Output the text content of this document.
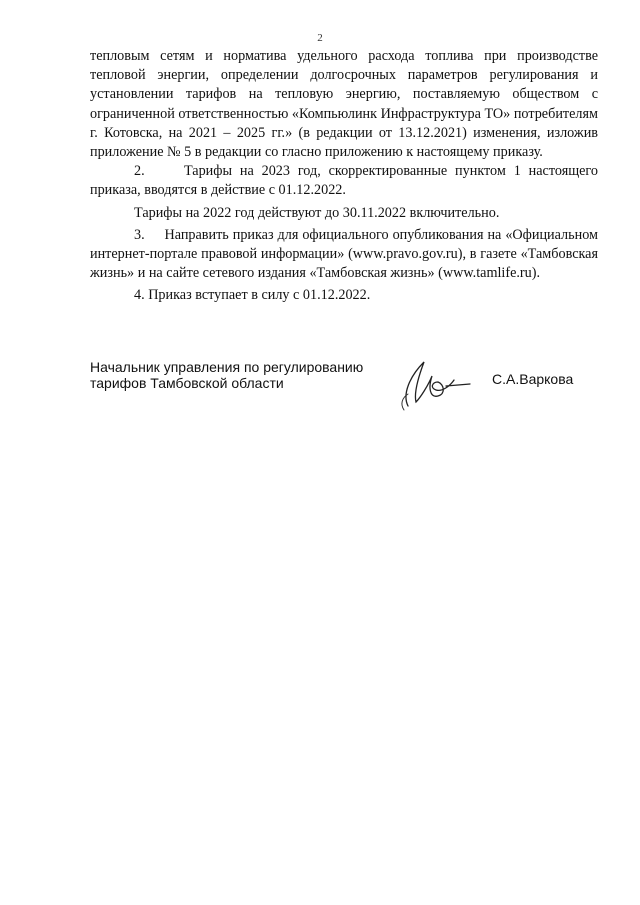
2

тепловым сетям и норматива удельного расхода топлива при производстве тепловой энергии, определении долгосрочных параметров регулирования и установлении тарифов на тепловую энергию, поставляемую обществом с ограниченной ответственностью «Компьюлинк Инфраструктура ТО» потребителям г. Котовска, на 2021 – 2025 гг.» (в редакции от 13.12.2021) изменения, изложив приложение № 5 в редакции со гласно приложению к настоящему приказу.

2.     Тарифы на 2023 год, скорректированные пунктом 1 настоящего приказа, вводятся в действие с 01.12.2022.

Тарифы на 2022 год действуют до 30.11.2022 включительно.

3.     Направить приказ для официального опубликования на «Официальном интернет-портале правовой информации» (www.pravo.gov.ru), в газете «Тамбовская жизнь» и на сайте сетевого издания «Тамбовская жизнь» (www.tamlife.ru).

4. Приказ вступает в силу с 01.12.2022.

Начальник управления по регулированию
тарифов Тамбовской области	С.А.Варкова
